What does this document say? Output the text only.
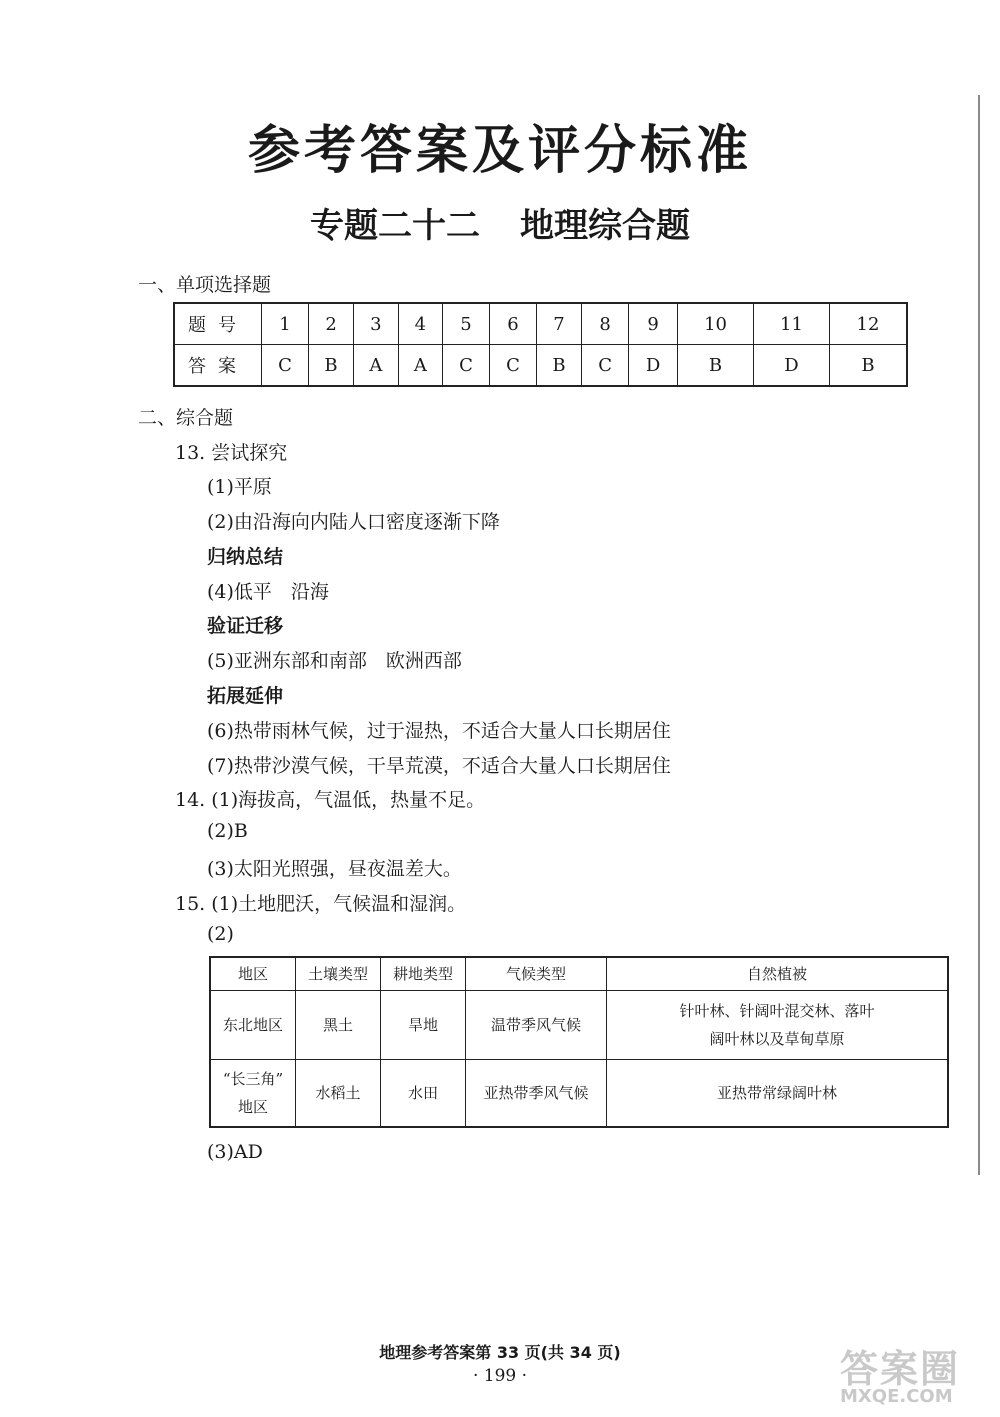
参考答案及评分标准
专题二十二 地理综合题
一、单项选择题
题号	1	2	3	4	5	6	7	8	9	10	11	12
答案	C	B	A	A	C	C	B	C	D	B	D	B
二、综合题
13. 尝试探究
(1)平原
(2)由沿海向内陆人口密度逐渐下降
归纳总结
(4)低平　沿海
验证迁移
(5)亚洲东部和南部　欧洲西部
拓展延伸
(6)热带雨林气候，过于湿热，不适合大量人口长期居住
(7)热带沙漠气候，干旱荒漠，不适合大量人口长期居住
14. (1)海拔高，气温低，热量不足。
(2)B
(3)太阳光照强，昼夜温差大。
15. (1)土地肥沃，气候温和湿润。
(2)
地区	土壤类型	耕地类型	气候类型	自然植被
东北地区	黑土	旱地	温带季风气候	针叶林、针阔叶混交林、落叶
阔叶林以及草甸草原

“长三角”
地区	水稻土	水田	亚热带季风气候	亚热带常绿阔叶林
(3)AD
地理参考答案第 33 页(共 34 页)
· 199 ·	答案圈
MXQE.COM
